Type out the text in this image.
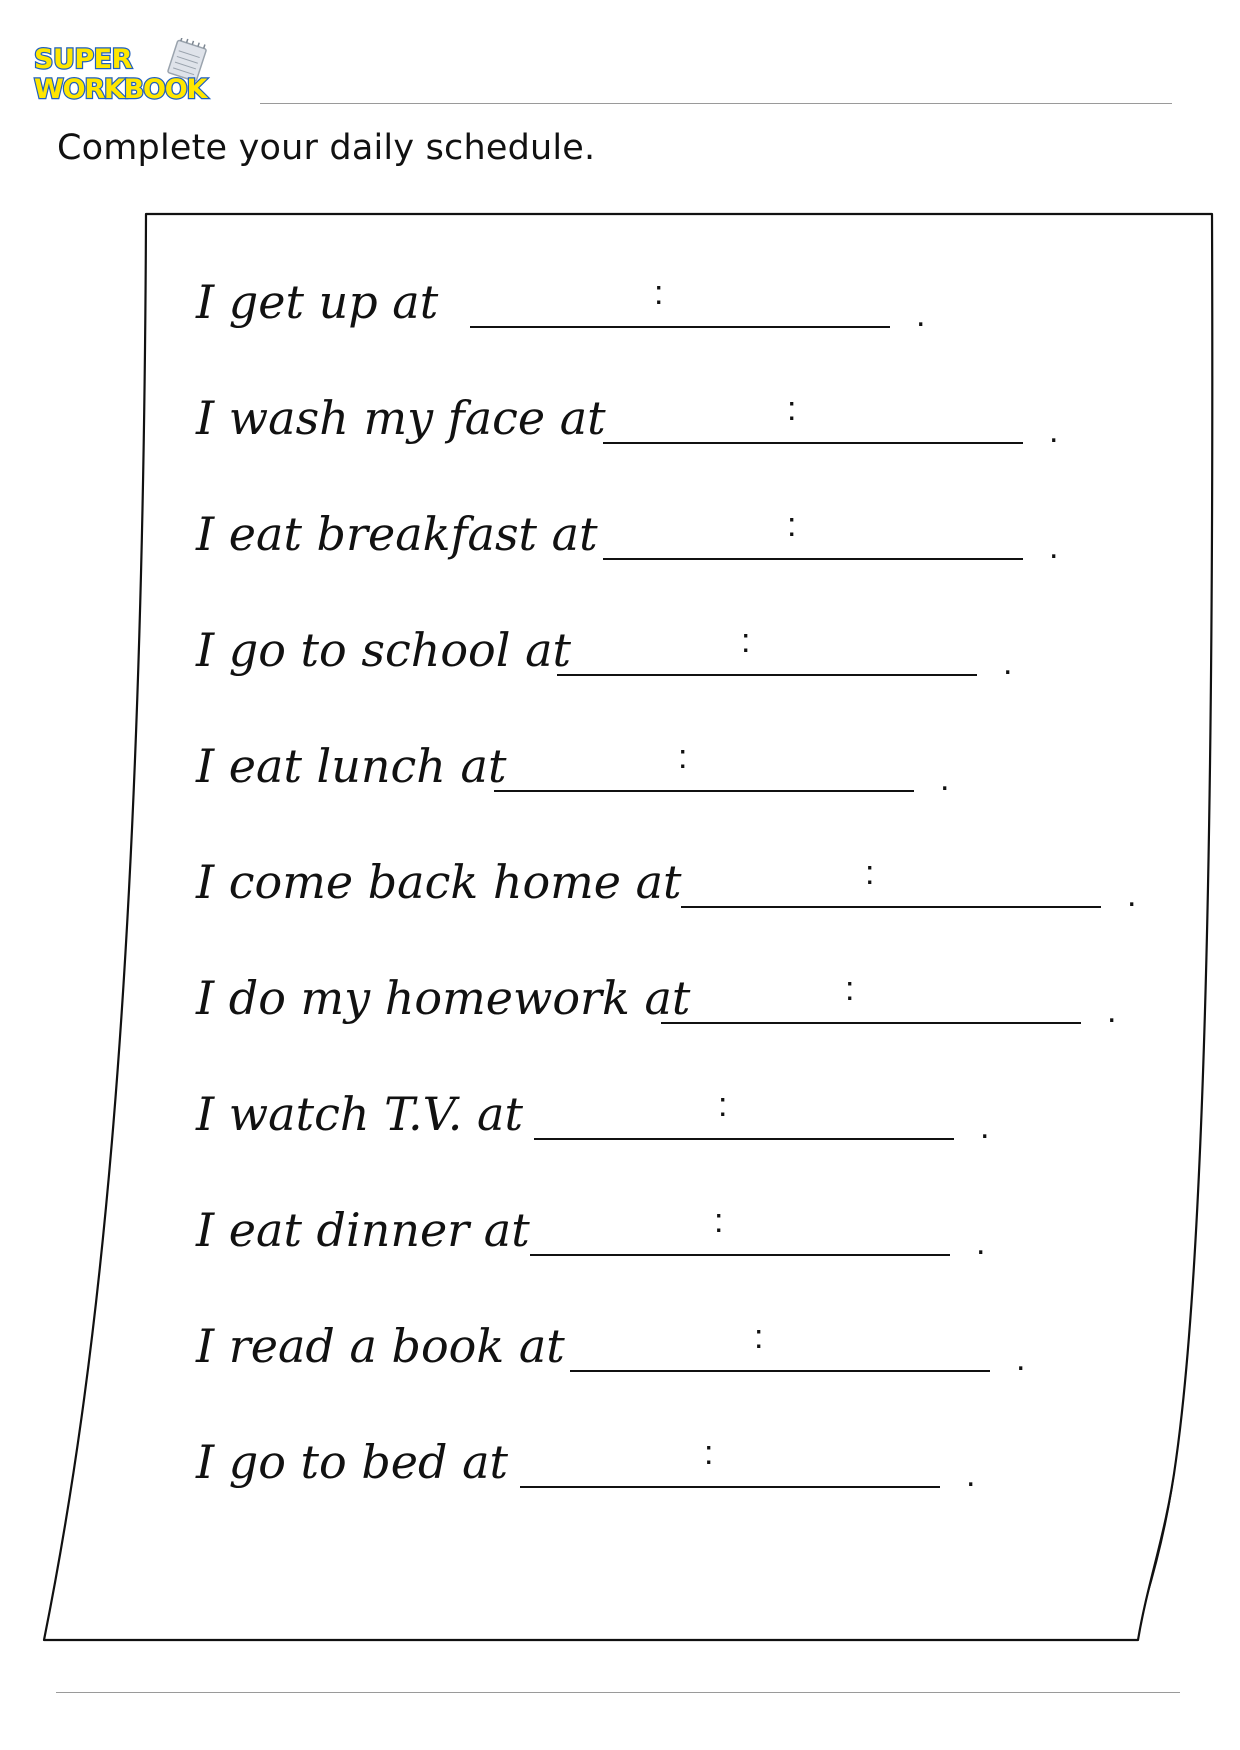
SUPER
WORKBOOK
Complete your daily schedule.
I get up at	:
.
I wash my face at	:
.
I eat breakfast at	:
.
I go to school at	:
.
I eat lunch at	:
.
I come back home at	:
.
I do my homework at	:
.
I watch T.V. at	:
.
I eat dinner at	:
.
I read a book at	:
.
I go to bed at	:
.
